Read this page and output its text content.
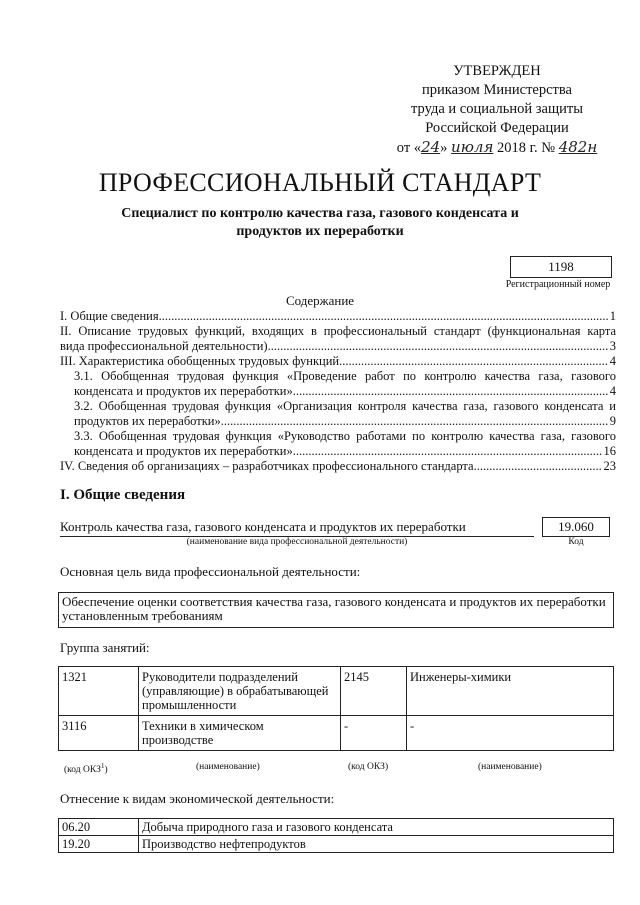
УТВЕРЖДЕН
приказом Министерства
труда и социальной защиты
Российской Федерации
от «24» июля 2018 г. № 482н
ПРОФЕССИОНАЛЬНЫЙ СТАНДАРТ
Специалист по контролю качества газа, газового конденсата и
продуктов их переработки
1198
Регистрационный номер
Содержание
I. Общие сведения .....	1
II. Описание трудовых функций, входящих в профессиональный стандарт (функциональная карта
вида профессиональной деятельности) .....	3
III. Характеристика обобщенных трудовых функций .....	4
3.1. Обобщенная трудовая функция «Проведение работ по контролю качества газа, газового
конденсата и продуктов их переработки» .....	4
3.2. Обобщенная трудовая функция «Организация контроля качества газа, газового конденсата и
продуктов их переработки» .....	9
3.3. Обобщенная трудовая функция «Руководство работами по контролю качества газа, газового
конденсата и продуктов их переработки» .....	16
IV. Сведения об организациях – разработчиках профессионального стандарта .....	23
I. Общие сведения
Контроль качества газа, газового конденсата и продуктов их переработки
(наименование вида профессиональной деятельности)
19.060
Код
Основная цель вида профессиональной деятельности:
Обеспечение оценки соответствия качества газа, газового конденсата и продуктов их переработки установленным требованиям
Группа занятий:
1321	Руководители подразделений (управляющие) в обрабатывающей промышленности	2145	Инженеры-химики
3116	Техники в химическом производстве	-	-
(код ОКЗ$^1$)	(наименование)	(код ОКЗ)	(наименование)
Отнесение к видам экономической деятельности:
06.20	Добыча природного газа и газового конденсата
19.20	Производство нефтепродуктов
